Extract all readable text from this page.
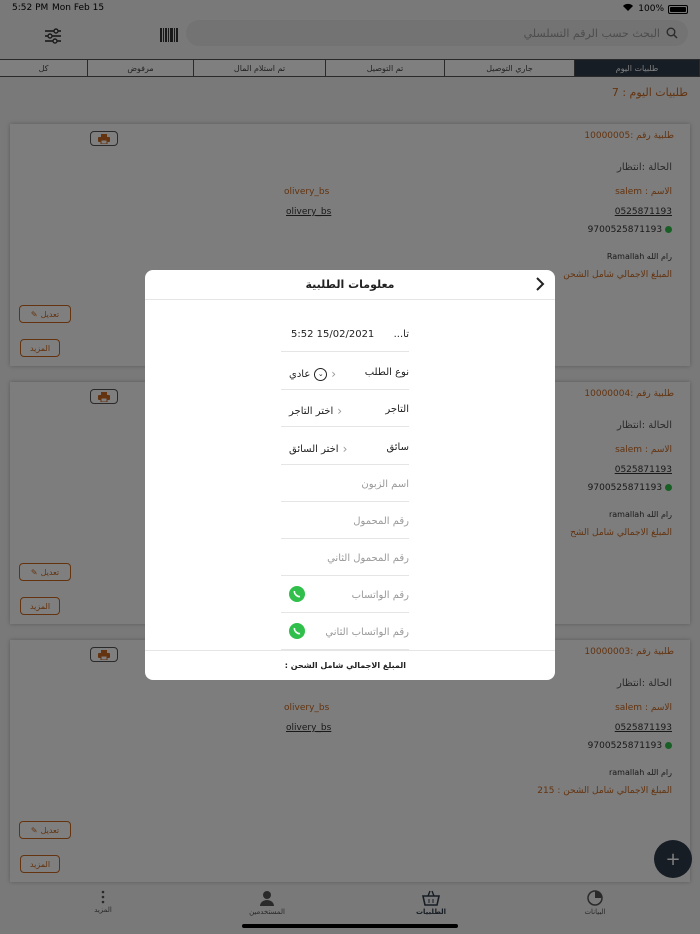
البحث حسب الرقم التسلسلي
معلومات الطلبية
تا...
15/02/2021 5:52
نوع الطلب
‹
⌄
عادي
التاجر
‹
اختر التاجر
سائق
‹
اختر السائق
اسم الزبون
رقم المحمول
رقم المحمول الثاني
رقم الواتساب
رقم الواتساب الثاني
المبلغ الاجمالي شامل الشحن :
